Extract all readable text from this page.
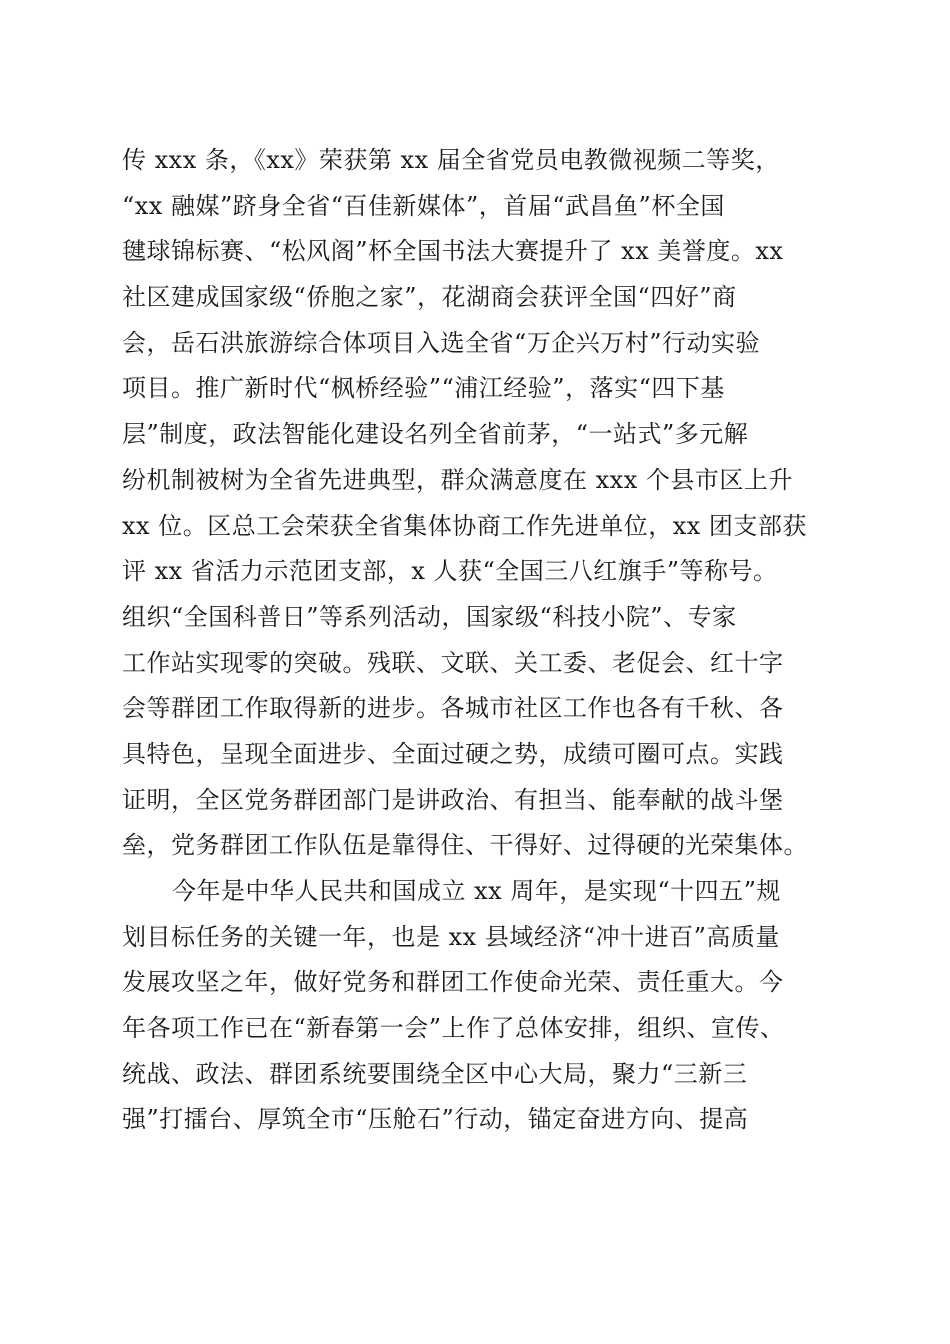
传 xxx 条，《xx》荣获第 xx 届全省党员电教微视频二等奖，
“xx 融媒”跻身全省“百佳新媒体”，首届“武昌鱼”杯全国
毽球锦标赛、“松风阁”杯全国书法大赛提升了 xx 美誉度。xx
社区建成国家级“侨胞之家”，花湖商会获评全国“四好”商
会，岳石洪旅游综合体项目入选全省“万企兴万村”行动实验
项目。推广新时代“枫桥经验”“浦江经验”，落实“四下基
层”制度，政法智能化建设名列全省前茅，“一站式”多元解
纷机制被树为全省先进典型，群众满意度在 xxx 个县市区上升
xx 位。区总工会荣获全省集体协商工作先进单位，xx 团支部获
评 xx 省活力示范团支部，x 人获“全国三八红旗手”等称号。
组织“全国科普日”等系列活动，国家级“科技小院”、专家
工作站实现零的突破。残联、文联、关工委、老促会、红十字
会等群团工作取得新的进步。各城市社区工作也各有千秋、各
具特色，呈现全面进步、全面过硬之势，成绩可圈可点。实践
证明，全区党务群团部门是讲政治、有担当、能奉献的战斗堡
垒，党务群团工作队伍是靠得住、干得好、过得硬的光荣集体。
今年是中华人民共和国成立 xx 周年，是实现“十四五”规
划目标任务的关键一年，也是 xx 县域经济“冲十进百”高质量
发展攻坚之年，做好党务和群团工作使命光荣、责任重大。今
年各项工作已在“新春第一会”上作了总体安排，组织、宣传、
统战、政法、群团系统要围绕全区中心大局，聚力“三新三
强”打擂台、厚筑全市“压舱石”行动，锚定奋进方向、提高
